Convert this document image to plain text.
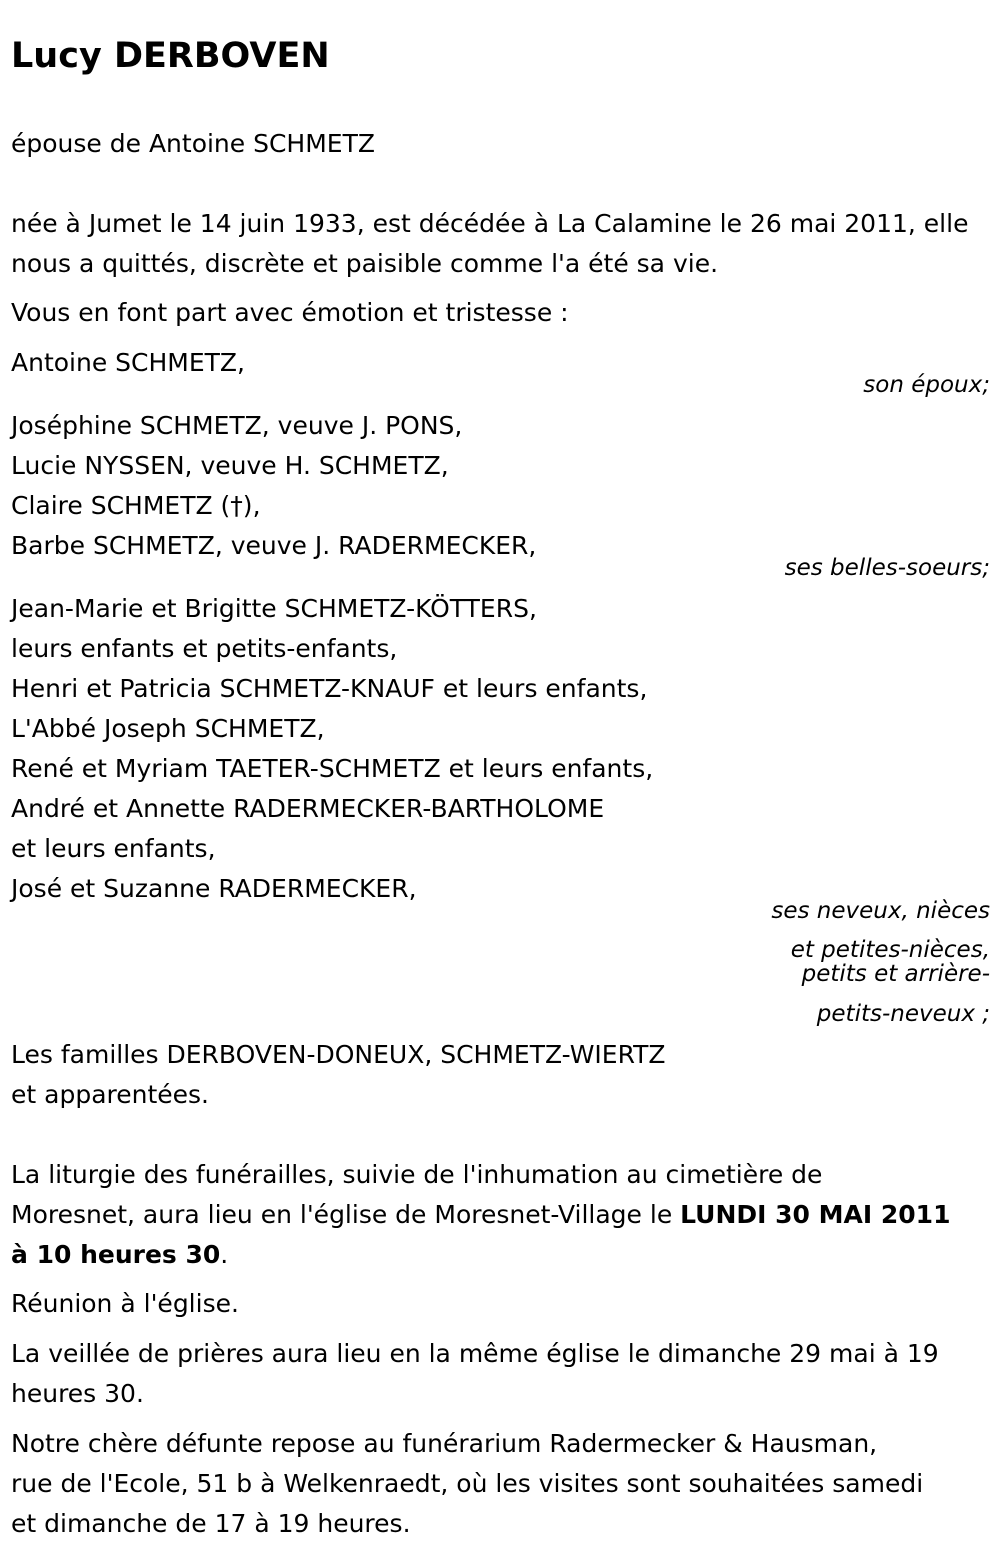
Lucy DERBOVEN
épouse de Antoine SCHMETZ
née à Jumet le 14 juin 1933, est décédée à La Calamine le 26 mai 2011, elle
nous a quittés, discrète et paisible comme l'a été sa vie.
Vous en font part avec émotion et tristesse :
Antoine SCHMETZ,
son époux;
Joséphine SCHMETZ, veuve J. PONS,
Lucie NYSSEN, veuve H. SCHMETZ,
Claire SCHMETZ (†),
Barbe SCHMETZ, veuve J. RADERMECKER,
ses belles-soeurs;
Jean-Marie et Brigitte SCHMETZ-KÖTTERS,
leurs enfants et petits-enfants,
Henri et Patricia SCHMETZ-KNAUF et leurs enfants,
L'Abbé Joseph SCHMETZ,
René et Myriam TAETER-SCHMETZ et leurs enfants,
André et Annette RADERMECKER-BARTHOLOME
et leurs enfants,
José et Suzanne RADERMECKER,
ses neveux, nièces
et petites-nièces,
petits et arrière-
petits-neveux ;
Les familles DERBOVEN-DONEUX, SCHMETZ-WIERTZ
et apparentées.
La liturgie des funérailles, suivie de l'inhumation au cimetière de
Moresnet, aura lieu en l'église de Moresnet-Village le LUNDI 30 MAI 2011
à 10 heures 30.
Réunion à l'église.
La veillée de prières aura lieu en la même église le dimanche 29 mai à 19
heures 30.
Notre chère défunte repose au funérarium Radermecker & Hausman,
rue de l'Ecole, 51 b à Welkenraedt, où les visites sont souhaitées samedi
et dimanche de 17 à 19 heures.
